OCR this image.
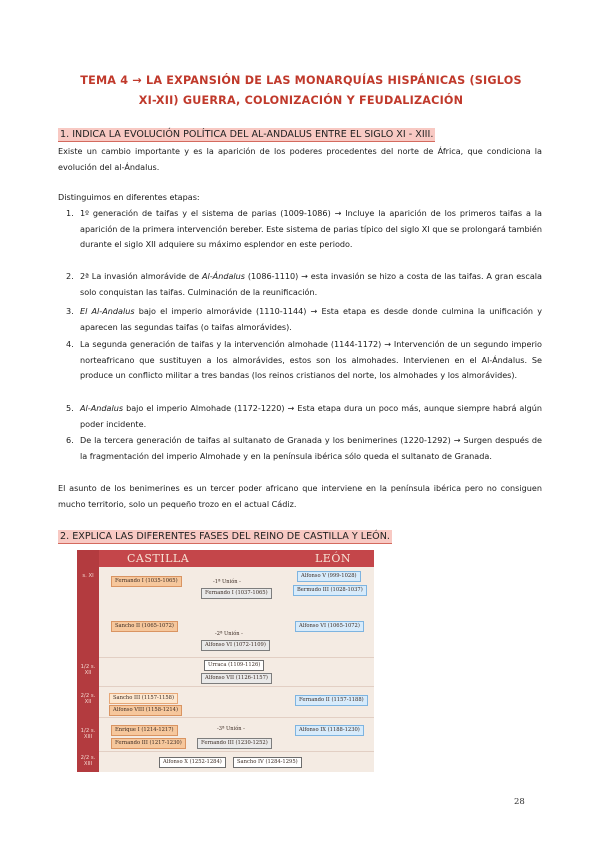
TEMA 4 → LA EXPANSIÓN DE LAS MONARQUÍAS HISPÁNICAS (SIGLOS
XI-XII) GUERRA, COLONIZACIÓN Y FEUDALIZACIÓN
1. INDICA LA EVOLUCIÓN POLÍTICA DEL AL-ANDALUS ENTRE EL SIGLO XI - XIII.
Existe un cambio importante y es la aparición de los poderes procedentes del norte de África, que condiciona la evolución del al-Ándalus.
Distinguimos en diferentes etapas:
1. 1º generación de taifas y el sistema de parias (1009-1086) → Incluye la aparición de los primeros taifas a la aparición de la primera intervención bereber. Este sistema de parias típico del siglo XI que se prolongará también durante el siglo XII adquiere su máximo esplendor en este periodo.
2. 2ª La invasión almorávide de Al-Ándalus (1086-1110) → esta invasión se hizo a costa de las taifas. A gran escala solo conquistan las taifas. Culminación de la reunificación.
3. El Al-Andalus bajo el imperio almorávide (1110-1144) → Esta etapa es desde donde culmina la unificación y aparecen las segundas taifas (o taifas almorávides).
4. La segunda generación de taifas y la intervención almohade (1144-1172) → Intervención de un segundo imperio norteafricano que sustituyen a los almorávides, estos son los almohades. Intervienen en el Al-Ándalus. Se produce un conflicto militar a tres bandas (los reinos cristianos del norte, los almohades y los almorávides).
5. Al-Andalus bajo el imperio Almohade (1172-1220) → Esta etapa dura un poco más, aunque siempre habrá algún poder incidente.
6. De la tercera generación de taifas al sultanato de Granada y los benimerines (1220-1292) → Surgen después de la fragmentación del imperio Almohade y en la península ibérica sólo queda el sultanato de Granada.
El asunto de los benimerines es un tercer poder africano que interviene en la península ibérica pero no consiguen mucho territorio, solo un pequeño trozo en el actual Cádiz.
2. EXPLICA LAS DIFERENTES FASES DEL REINO DE CASTILLA Y LEÓN.
CASTILLA	LEÓN
s. XI
1/2 s. XII
2/2 s. XII
1/2 s. XIII
2/2 s. XIII
Fernando I (1035-1065)
Sancho II (1065-1072)
Sancho III (1157-1158)
Alfonso VIII (1158-1214)
Enrique I (1214-1217)
Fernando III (1217-1230)
Alfonso V (999-1028)
Bermudo III (1028-1037)
Alfonso VI (1065-1072)
Fernando II (1157-1188)
Alfonso IX (1188-1230)
-1ª Unión -
Fernando I (1037-1065)
-2ª Unión -
Alfonso VI (1072-1109)
Urraca (1109-1126)
Alfonso VII (1126-1157)
-3ª Unión -
Fernando III (1230-1252)
Alfonso X (1252-1284)	Sancho IV (1284-1295)
28
